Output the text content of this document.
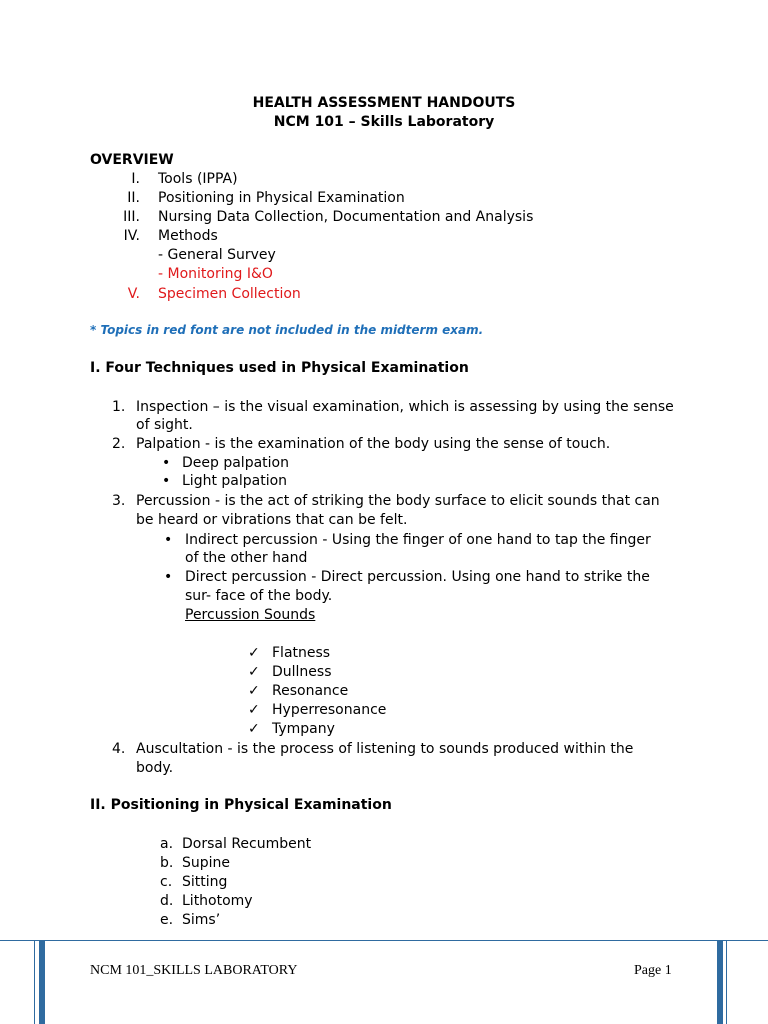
HEALTH ASSESSMENT HANDOUTS
NCM 101 – Skills Laboratory
OVERVIEW
I. Tools (IPPA)
II. Positioning in Physical Examination
III. Nursing Data Collection, Documentation and Analysis
IV. Methods
- General Survey
- Monitoring I&O
V. Specimen Collection
* Topics in red font are not included in the midterm exam.
I. Four Techniques used in Physical Examination
1. Inspection – is the visual examination, which is assessing by using the sense
of sight.
2. Palpation - is the examination of the body using the sense of touch.
• Deep palpation
• Light palpation
3. Percussion - is the act of striking the body surface to elicit sounds that can
be heard or vibrations that can be felt.
• Indirect percussion - Using the finger of one hand to tap the finger
of the other hand
• Direct percussion - Direct percussion. Using one hand to strike the
sur- face of the body.
Percussion Sounds
✓ Flatness
✓ Dullness
✓ Resonance
✓ Hyperresonance
✓ Tympany
4. Auscultation - is the process of listening to sounds produced within the
body.
II. Positioning in Physical Examination
a. Dorsal Recumbent
b. Supine
c. Sitting
d. Lithotomy
e. Sims’
NCM 101_SKILLS LABORATORY	Page 1
